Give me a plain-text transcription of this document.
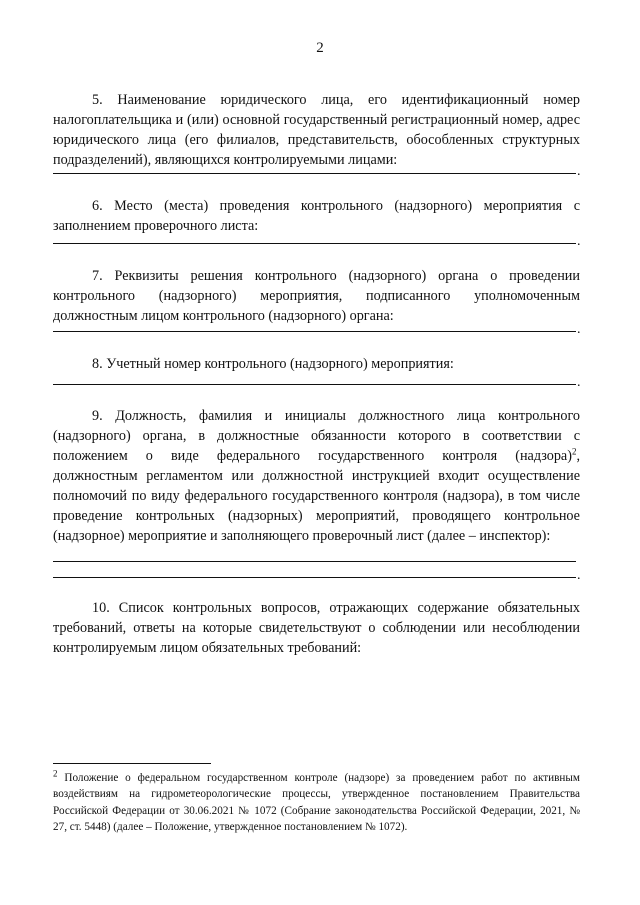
2
5. Наименование юридического лица, его идентификационный номер налогоплательщика и (или) основной государственный регистрационный номер, адрес юридического лица (его филиалов, представительств, обособленных структурных подразделений), являющихся контролируемыми лицами:
.
6. Место (места) проведения контрольного (надзорного) мероприятия с заполнением проверочного листа:
.
7. Реквизиты решения контрольного (надзорного) органа о проведении контрольного (надзорного) мероприятия, подписанного уполномоченным должностным лицом контрольного (надзорного) органа:
.
8. Учетный номер контрольного (надзорного) мероприятия:
.
9. Должность, фамилия и инициалы должностного лица контрольного (надзорного) органа, в должностные обязанности которого в соответствии с положением о виде федерального государственного контроля (надзора)$^2$, должностным регламентом или должностной инструкцией входит осуществление полномочий по виду федерального государственного контроля (надзора), в том числе проведение контрольных (надзорных) мероприятий, проводящего контрольное (надзорное) мероприятие и заполняющего проверочный лист (далее – инспектор):
.
10. Список контрольных вопросов, отражающих содержание обязательных требований, ответы на которые свидетельствуют о соблюдении или несоблюдении контролируемым лицом обязательных требований:
$^2$ Положение о федеральном государственном контроле (надзоре) за проведением работ по активным воздействиям на гидрометеорологические процессы, утвержденное постановлением Правительства Российской Федерации от 30.06.2021 № 1072 (Собрание законодательства Российской Федерации, 2021, № 27, ст. 5448) (далее – Положение, утвержденное постановлением № 1072).
